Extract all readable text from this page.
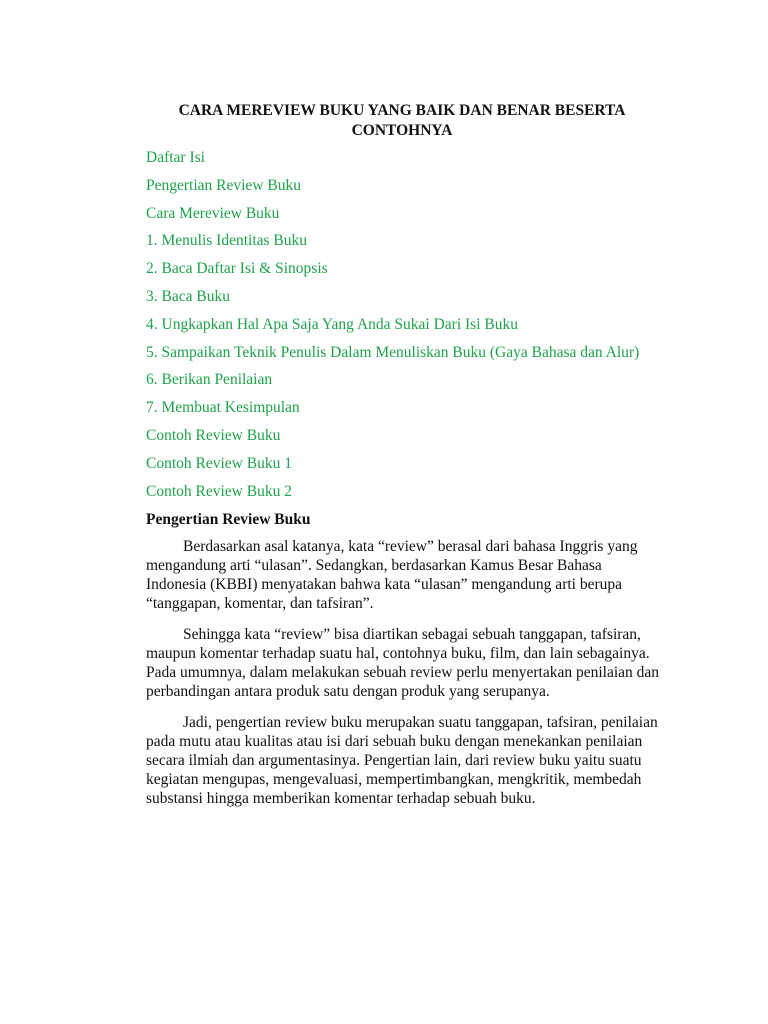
CARA MEREVIEW BUKU YANG BAIK DAN BENAR BESERTA
CONTOHNYA
Daftar Isi
Pengertian Review Buku
Cara Mereview Buku
1. Menulis Identitas Buku
2. Baca Daftar Isi & Sinopsis
3. Baca Buku
4. Ungkapkan Hal Apa Saja Yang Anda Sukai Dari Isi Buku
5. Sampaikan Teknik Penulis Dalam Menuliskan Buku (Gaya Bahasa dan Alur)
6. Berikan Penilaian
7. Membuat Kesimpulan
Contoh Review Buku
Contoh Review Buku 1
Contoh Review Buku 2
Pengertian Review Buku

Berdasarkan asal katanya, kata “review” berasal dari bahasa Inggris yang mengandung arti “ulasan”. Sedangkan, berdasarkan Kamus Besar Bahasa Indonesia (KBBI) menyatakan bahwa kata “ulasan” mengandung arti berupa “tanggapan, komentar, dan tafsiran”.

Sehingga kata “review” bisa diartikan sebagai sebuah tanggapan, tafsiran, maupun komentar terhadap suatu hal, contohnya buku, film, dan lain sebagainya. Pada umumnya, dalam melakukan sebuah review perlu menyertakan penilaian dan perbandingan antara produk satu dengan produk yang serupanya.

Jadi, pengertian review buku merupakan suatu tanggapan, tafsiran, penilaian pada mutu atau kualitas atau isi dari sebuah buku dengan menekankan penilaian secara ilmiah dan argumentasinya. Pengertian lain, dari review buku yaitu suatu kegiatan mengupas, mengevaluasi, mempertimbangkan, mengkritik, membedah substansi hingga memberikan komentar terhadap sebuah buku.
